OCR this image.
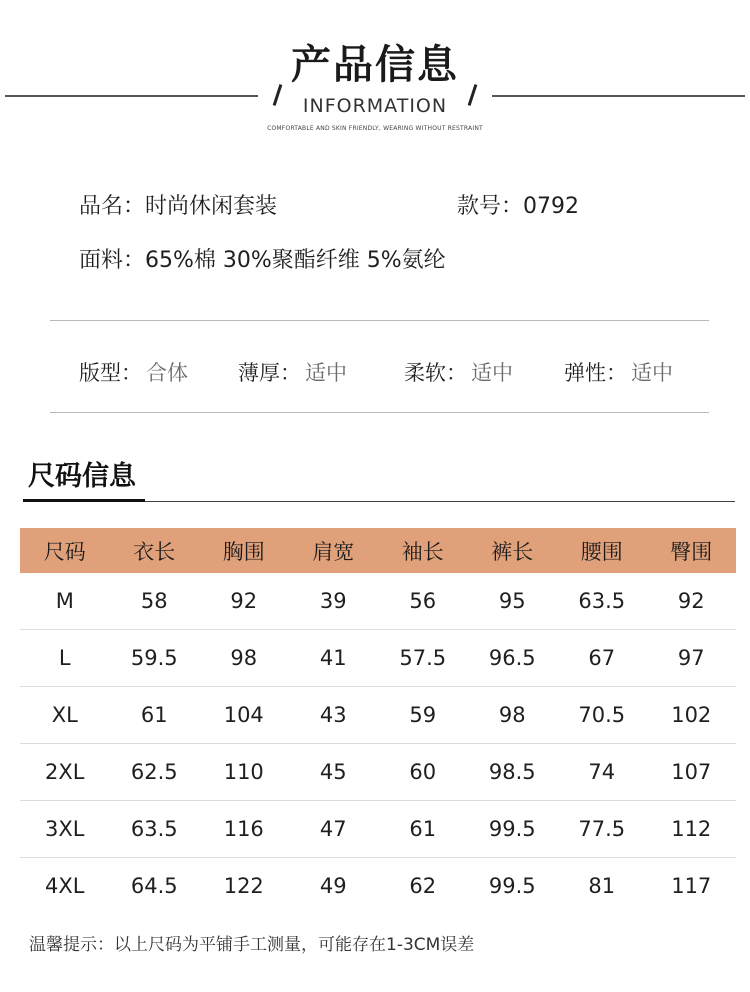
产品信息
INFORMATION
COMFORTABLE AND SKIN FRIENDLY, WEARING WITHOUT RESTRAINT
品名：时尚休闲套装	款号：0792
面料：65%棉 30%聚酯纤维 5%氨纶
版型： 合体 薄厚： 适中	柔软： 适中 弹性： 适中
尺码信息
尺码	衣长	胸围	肩宽	袖长	裤长	腰围	臀围
M	58	92	39	56	95	63.5	92
L	59.5	98	41	57.5	96.5	67	97
XL	61	104	43	59	98	70.5	102
2XL	62.5	110	45	60	98.5	74	107
3XL	63.5	116	47	61	99.5	77.5	112
4XL	64.5	122	49	62	99.5	81	117
温馨提示：以上尺码为平铺手工测量，可能存在1-3CM误差
